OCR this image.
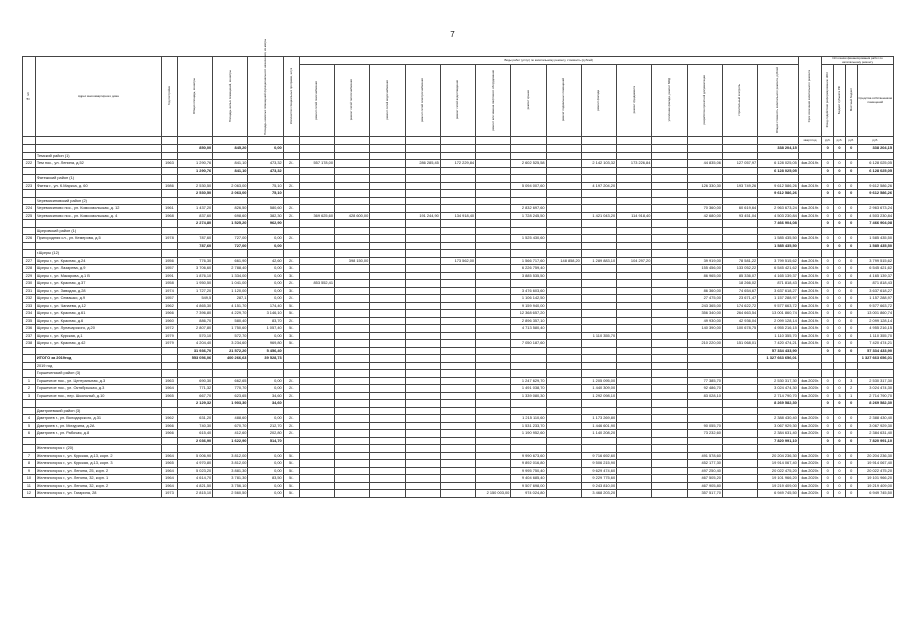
7
№ п/п	Адрес многоквартирного дома	Год постройки	Общая площадь, кв.метры	Площадь жилых помещений, кв.метры	Площадь нежилых помещений функционального назначения, кв.метры	Количество специальных программ, штук	Виды работ (услуг) по капитальному ремонту, стоимость (рублей)														Срок окончания капитального ремонта	Источники финансирования работ по капитальному ремонту			
							ремонт сетей газоснабжения	ремонт сетей теплоснабжения	ремонт сетей водоснабжения	ремонт сетей электроснабжения	ремонт сетей водоотведения	ремонт или замена лифтового оборудования	ремонт крыши	ремонт подвальных помещений	ремонт фасада	ремонт фундамента	утепление фасада, ремонт МКД	разработка проектной документации	строительный контроль	Общая стоимость капитального ремонта, рублей		Фонд содействия реформированию ЖКХ	Бюджет субъекта РФ	Местный бюджет	Средства собственников помещений
																					кварт./год	руб.	руб.	руб.	руб.
			850,00	845,20	0,00															338 204,15		0	0	0	338 204,15
	Темский район (1)																								
222	Тем пос., ул. Ленина, д.52	1963	1 290,76	841,10	473,32	2/-	557 178,00			286 285,45	172 229,84		2 602 525,58		2 142 103,32	173 226,84		44 835,06	127 057,97	6 128 025,05	4кв.2019г.	0	0	0	6 128 025,05
			1 290,76	841,10	473,32															6 128 025,05		0	0	0	6 128 025,05
	Фатежский район (1)																								
223	Фатеж г., ул. К.Маркса, д. 60	1986	2 530,50	2 063,00	75,10	2/-							5 094 007,60		4 197 204,20			126 330,30	193 749,26	9 612 586,26	4кв.2019г.	0	0	0	9 612 586,26
			2 530,50	2 063,00	75,10															9 612 586,26		0	0	0	9 612 586,26
	Черемисиновский район (2)																								
224	Черемисиново пос., ул. Комсомольская, д. 12	1961	1 437,20	826,50	580,60	2/-							2 832 697,60					70 360,00	60 619,64	2 963 673,24	4кв.2019г.	0	0	0	2 963 673,24
225	Черемисиново пос., ул. Комсомольская, д. 4	1968	837,60	698,60	382,30	2/-	369 625,60	428 600,00		191 244,90	134 918,40		1 728 245,50		1 421 043,20	114 918,40		42 680,00	93 451,04	4 503 230,84	4кв.2019г.	0	0	0	4 503 230,84
			2 274,80	1 525,20	962,90															7 466 904,08		0	0	0	7 466 904,08
	Щигровский район (1)																								
226	Пригородняя сл., ул. Кемерова, д.5	1978	787,60	727,00	0,00	2/-							1 525 430,60							1 585 435,50	4кв.2019г.	0	0	0	1 585 435,50
			787,60	727,00	0,00															1 585 435,50		0	0	0	1 585 435,50
	г.Щигры (12)																								
227	Щигры г., ул. Красная, д.24	1956	776,30	661,90	42,60	2/-		398 150,00			173 562,00		1 566 717,60	148 858,20	1 289 883,10	104 297,20		39 919,00	78 581,22	3 799 515,62	4кв.2019г.	0	0	0	3 799 515,62
228	Щигры г., ул. Лазарева, д.9	1957	3 706,60	2 788,40	0,00	3/-							6 226 759,40					155 456,00	133 052,22	6 545 421,62	4кв.2019г.	0	0	0	6 545 421,62
229	Щигры г., ул. Макарова, д.1 В	1991	1 876,10	1 334,00	0,00	3/-							3 885 535,50					86 965,00	85 336,07	4 165 139,37	4кв.2019г.	0	0	0	4 165 139,37
230	Щигры г., ул. Красная, д.37	1958	1 950,50	1 041,00	0,00	2/-	853 552,41												18 266,02	871 818,43	4кв.2019г.	0	0	0	871 818,43
231	Щигры г., ул. Заводая, д.28	1974	1 727,20	1 120,00	0,00	3/-							3 476 603,60					86 360,00	74 654,67	3 637 618,27	4кв.2019г.	0	0	0	3 637 618,27
232	Щигры г., ул. Семашко, д.9	1957	549,5	287,1	0,00	2/-							1 106 142,50					27 475,00	23 671,47	1 157 288,97	4кв.2019г.	0	0	0	1 157 288,97
233	Щигры г., ул. Чапаева, д.12	1962	4 865,30	4 151,70	174,40	5/-							9 159 940,00					243 365,00	174 622,72	9 577 663,72	4кв.2019г.	0	0	0	9 577 663,72
234	Щигры г., ул. Красная, д.61	1966	7 396,80	4 229,70	3 146,10	5/-							12 368 657,20					356 340,00	264 663,54	13 001 860,74	4кв.2019г.	0	0	0	13 001 860,74
235	Щигры г., ул. Красная, д.6	1960	886,70	580,40	83,70	2/-							2 896 357,10					49 930,00	42 936,04	2 099 128,14	4кв.2019г.	0	0	0	2 099 128,14
236	Щигры г., ул. Луначарского, д.20	1972	2 807,80	1 750,60	1 057,40	5/-							4 713 580,40					140 390,00	100 678,75	4 955 216,15	4кв.2019г.	0	0	0	4 955 216,15
237	Щигры г., ул. Курская, д.1	1979	570,10	572,70	0,00	3/-									1 110 355,70					1 110 355,70	4кв.2019г.	0	0	0	1 110 355,70
238	Щигры г., ул. Красная, д.42	1979	4 204,40	3 234,60	969,80	5/-							7 050 187,60					210 220,00	151 068,01	7 420 474,21	4кв.2019г.	0	0	0	7 420 474,21
			31 936,70	21 572,20	5 456,40															57 334 433,90		0	0	0	57 334 433,90
	ИТОГО за 2019год		553 056,06	400 266,63	39 528,73															1 327 663 656,01					1 327 663 656,01
	2019 год																								
	Горшеченский район (3)																								
1	Горшечное пос., ул. Центральная, д.3	1963	690,30	662,65	0,00	2/-							1 247 629,70		1 205 095,00			77 385,70		2 530 317,30	4кв.2020г.	0	0	3	2 530 317,30
2	Горшечное пос., ул. Октябрьская, д.3	1964	771,32	770,70	0,00	2/-							1 491 038,70		1 440 309,00			92 486,70		3 024 474,30	4кв.2020г.	0	0	2	3 024 474,30
3	Горшечное пос., пер. Школьный, д.10	1965	667,70	623,65	34,60	2/-							1 339 080,30		1 292 098,10			83 028,10		2 714 790,70	4кв.2020г.	0	3	1	2 714 790,70
			2 129,32	1 903,30	34,60															8 269 582,30		0	0	0	8 269 582,30
	Дмитриевский район (3)																								
4	Дмитриев г., ул. Володарского, д.31	1962	631,20	488,60	0,00	2/-							1 215 110,60		1 173 269,80					2 388 430,40	4кв.2020г.	0	0	0	2 388 430,40
5	Дмитриев г., ул. Мичурина, д.2А	1966	740,30	670,70	212,70	2/-							1 531 233,70		1 446 601,90			90 055,70		3 067 929,30	4кв.2020г.	0	0	0	3 067 929,30
6	Дмитриев г., ул. Рабочая, д.8	1966	615,40	412,60	202,80	2/-							1 190 952,60		1 140 208,20			73 232,60		2 384 631,40	4кв.2020г.	0	0	0	2 384 631,40
			2 036,90	1 622,90	514,70															7 820 991,10		0	0	0	7 820 991,10
	Железногорск г. (20)																								
7	Железногорск г., ул. Курская, д.13, корп. 2	1964	5 006,90	3 812,00	0,00	5/-							9 990 673,60		9 716 692,60			491 578,60		20 204 236,30	4кв.2020г.	0	0	0	20 204 236,30
8	Железногорск г., ул. Курская, д.13, корп. 3	1965	4 970,80	3 812,00	0,00	5/-							9 892 016,80		9 506 215,90			452 177,30		19 914 067,40	4кв.2020г.	0	0	0	19 914 067,40
9	Железногорск г., ул. Ленина, 25, корп. 2	1964	5 023,20	3 881,30	0,00	5/-							9 995 750,40		9 629 474,60			497 250,40		20 022 475,20	4кв.2020г.	0	0	0	20 022 475,20
10	Железногорск г., ул. Ленина, 32, корп. 1	1964	4 614,70	3 781,30	83,50	5/-							9 404 685,40		9 229 775,60			467 505,20		19 101 966,20	4кв.2020г.	0	0	0	19 101 966,20
11	Железногорск г., ул. Ленина, 32, корп. 2	1964	4 821,50	3 756,10	0,00	5/-							9 507 698,00		9 243 810,00			467 905,80		19 219 409,00	4кв.2020г.	0	0	0	19 219 409,00
12	Железногорск г., ул. Гагарина, 28	1973	2 815,10	2 560,50	0,00	5/-						2 150 003,00	974 024,80		3 468 203,20			357 517,70		6 949 745,50	4кв.2020г.	0	0	0	6 949 745,50
